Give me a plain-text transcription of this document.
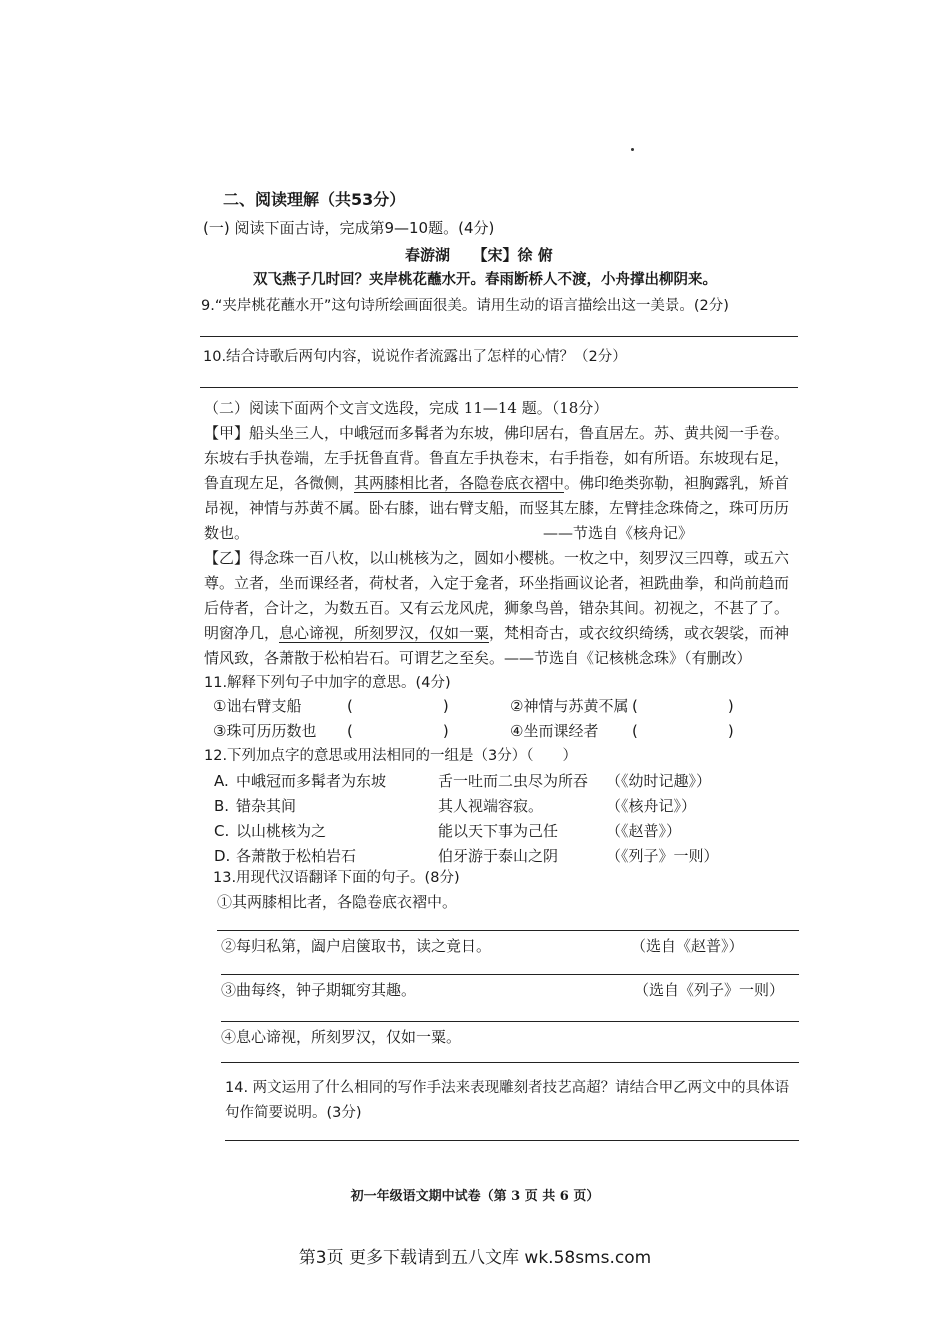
二、阅读理解（共53分）
(一) 阅读下面古诗，完成第9—10题。(4分)
春游湖　　【宋】徐 俯
双飞燕子几时回？夹岸桃花蘸水开。春雨断桥人不渡，小舟撑出柳阴来。
9.“夹岸桃花蘸水开”这句诗所绘画面很美。请用生动的语言描绘出这一美景。(2分)
10.结合诗歌后两句内容，说说作者流露出了怎样的心情？（2分）
（二）阅读下面两个文言文选段，完成 11—14 题。（18分）
【甲】船头坐三人，中峨冠而多髯者为东坡，佛印居右，鲁直居左。苏、黄共阅一手卷。
东坡右手执卷端，左手抚鲁直背。鲁直左手执卷末，右手指卷，如有所语。东坡现右足，
鲁直现左足，各微侧，其两膝相比者，各隐卷底衣褶中。佛印绝类弥勒，袒胸露乳，矫首
昂视，神情与苏黄不属。卧右膝，诎右臂支船，而竖其左膝，左臂挂念珠倚之，珠可历历
数也。	——节选自《核舟记》
【乙】得念珠一百八枚，以山桃核为之，圆如小樱桃。一枚之中，刻罗汉三四尊，或五六
尊。立者，坐而课经者，荷杖者，入定于龛者，环坐指画议论者，袒跣曲拳，和尚前趋而
后侍者，合计之，为数五百。又有云龙风虎，狮象鸟兽，错杂其间。初视之，不甚了了。
明窗净几，息心谛视，所刻罗汉，仅如一粟，梵相奇古，或衣纹织绮绣，或衣袈裟，而神
情风致，各萧散于松柏岩石。可谓艺之至矣。——节选自《记核桃念珠》（有删改）
11.解释下列句子中加字的意思。(4分)
①诎右臂支船	(　　　　　　)	②神情与苏黄不属 (　　　　　　)
③珠可历历数也 (　　　　　　)	④坐而课经者 (　　　　　　)
12.下列加点字的意思或用法相同的一组是（3分）（　　）
A. 中峨冠而多髯者为东坡	舌一吐而二虫尽为所吞 （《幼时记趣》）
B. 错杂其间	其人视端容寂。	（《核舟记》）
C. 以山桃核为之	能以天下事为己任	（《赵普》）
D. 各萧散于松柏岩石	伯牙游于泰山之阴	（《列子》一则）
13.用现代汉语翻译下面的句子。(8分)
①其两膝相比者，各隐卷底衣褶中。
②每归私第，阖户启箧取书，读之竟日。	（选自《赵普》）
③曲每终，钟子期辄穷其趣。	（选自《列子》一则）
④息心谛视，所刻罗汉，仅如一粟。
14. 两文运用了什么相同的写作手法来表现雕刻者技艺高超？请结合甲乙两文中的具体语
句作简要说明。(3分)
初一年级语文期中试卷（第 3 页 共 6 页）
第3页 更多下载请到五八文库 wk.58sms.com
